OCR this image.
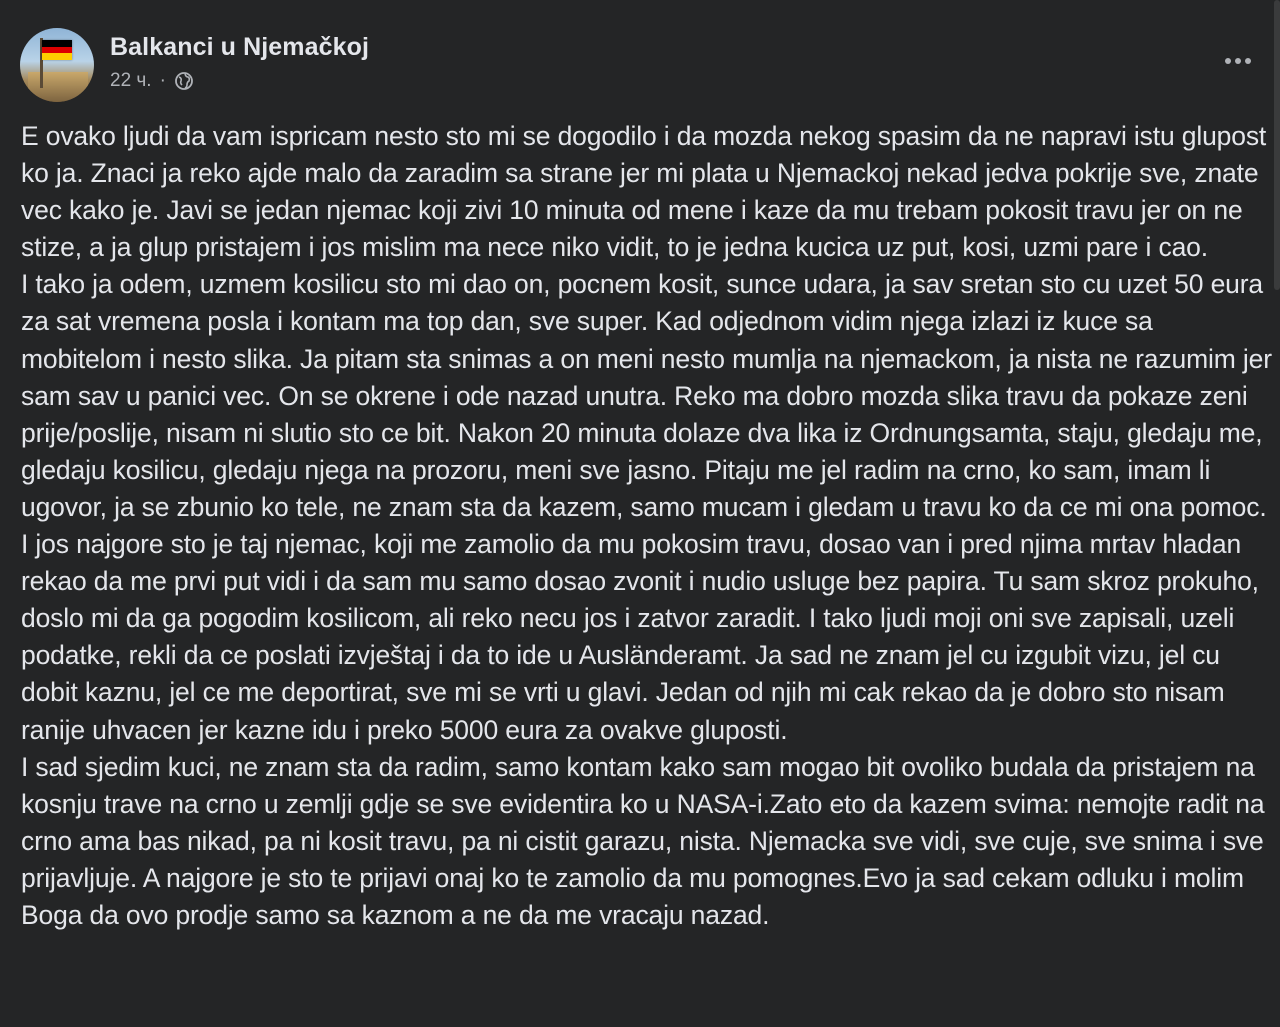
Balkanci u Njemačkoj
22 ч. ·

E ovako ljudi da vam ispricam nesto sto mi se dogodilo i da mozda nekog spasim da ne napravi istu glupost ko ja. Znaci ja reko ajde malo da zaradim sa strane jer mi plata u Njemackoj nekad jedva pokrije sve, znate vec kako je. Javi se jedan njemac koji zivi 10 minuta od mene i kaze da mu trebam pokosit travu jer on ne stize, a ja glup pristajem i jos mislim ma nece niko vidit, to je jedna kucica uz put, kosi, uzmi pare i cao.

I tako ja odem, uzmem kosilicu sto mi dao on, pocnem kosit, sunce udara, ja sav sretan sto cu uzet 50 eura za sat vremena posla i kontam ma top dan, sve super. Kad odjednom vidim njega izlazi iz kuce sa mobitelom i nesto slika. Ja pitam sta snimas a on meni nesto mumlja na njemackom, ja nista ne razumim jer sam sav u panici vec. On se okrene i ode nazad unutra. Reko ma dobro mozda slika travu da pokaze zeni prije/poslije, nisam ni slutio sto ce bit. Nakon 20 minuta dolaze dva lika iz Ordnungsamta, staju, gledaju me, gledaju kosilicu, gledaju njega na prozoru, meni sve jasno. Pitaju me jel radim na crno, ko sam, imam li ugovor, ja se zbunio ko tele, ne znam sta da kazem, samo mucam i gledam u travu ko da ce mi ona pomoc. I jos najgore sto je taj njemac, koji me zamolio da mu pokosim travu, dosao van i pred njima mrtav hladan rekao da me prvi put vidi i da sam mu samo dosao zvonit i nudio usluge bez papira. Tu sam skroz prokuho, doslo mi da ga pogodim kosilicom, ali reko necu jos i zatvor zaradit. I tako ljudi moji oni sve zapisali, uzeli podatke, rekli da ce poslati izvještaj i da to ide u Ausländeramt. Ja sad ne znam jel cu izgubit vizu, jel cu dobit kaznu, jel ce me deportirat, sve mi se vrti u glavi. Jedan od njih mi cak rekao da je dobro sto nisam ranije uhvacen jer kazne idu i preko 5000 eura za ovakve gluposti.

I sad sjedim kuci, ne znam sta da radim, samo kontam kako sam mogao bit ovoliko budala da pristajem na kosnju trave na crno u zemlji gdje se sve evidentira ko u NASA-i.Zato eto da kazem svima: nemojte radit na crno ama bas nikad, pa ni kosit travu, pa ni cistit garazu, nista. Njemacka sve vidi, sve cuje, sve snima i sve prijavljuje. A najgore je sto te prijavi onaj ko te zamolio da mu pomognes.Evo ja sad cekam odluku i molim Boga da ovo prodje samo sa kaznom a ne da me vracaju nazad.
